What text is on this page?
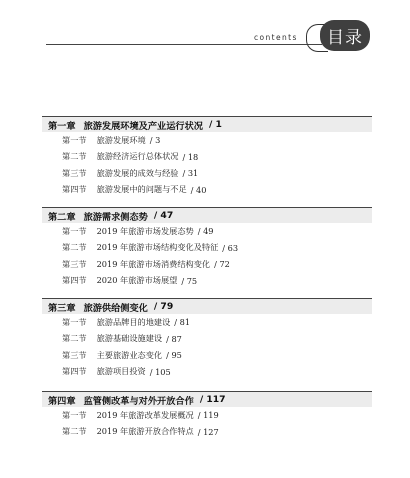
contents	目录
第一章 旅游发展环境及产业运行状况 / 1
第一节 旅游发展环境 / 3
第二节 旅游经济运行总体状况 / 18
第三节 旅游发展的成效与经验 / 31
第四节 旅游发展中的问题与不足 / 40
第二章 旅游需求侧态势 / 47
第一节 2019 年旅游市场发展态势 / 49
第二节 2019 年旅游市场结构变化及特征 / 63
第三节 2019 年旅游市场消费结构变化 / 72
第四节 2020 年旅游市场展望 / 75
第三章 旅游供给侧变化 / 79
第一节 旅游品牌目的地建设 / 81
第二节 旅游基础设施建设 / 87
第三节 主要旅游业态变化 / 95
第四节 旅游项目投资 / 105
第四章 监管侧改革与对外开放合作 / 117
第一节 2019 年旅游改革发展概况 / 119
第二节 2019 年旅游开放合作特点 / 127
